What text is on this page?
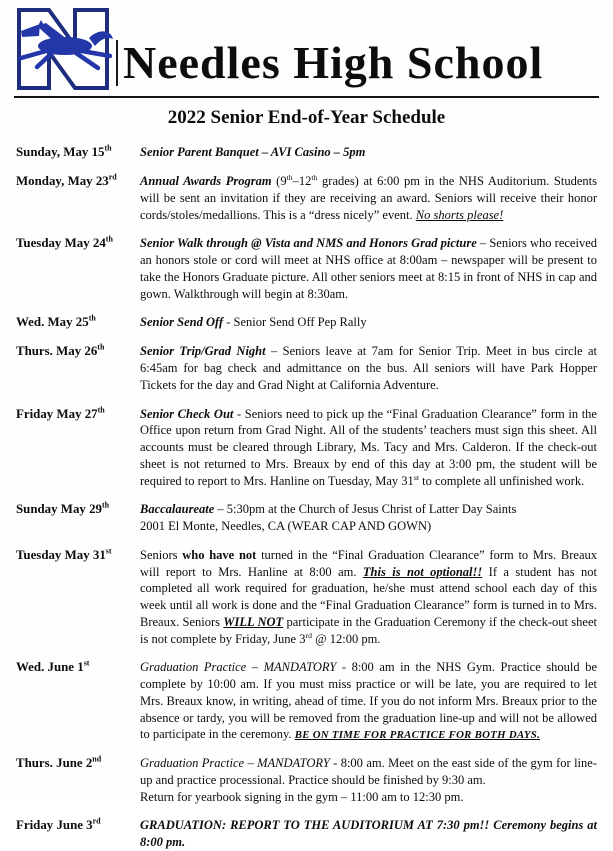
Needles High School
2022 Senior End-of-Year Schedule
Sunday, May 15th	Senior Parent Banquet – AVI Casino – 5pm
Monday, May 23rd	Annual Awards Program (9th–12th grades) at 6:00 pm in the NHS Auditorium. Students will be sent an invitation if they are receiving an award. Seniors will receive their honor cords/stoles/medallions. This is a “dress nicely” event. No shorts please!
Tuesday May 24th	Senior Walk through @ Vista and NMS and Honors Grad picture – Seniors who received an honors stole or cord will meet at NHS office at 8:00am – newspaper will be present to take the Honors Graduate picture. All other seniors meet at 8:15 in front of NHS in cap and gown. Walkthrough will begin at 8:30am.
Wed. May 25th	Senior Send Off - Senior Send Off Pep Rally
Thurs. May 26th	Senior Trip/Grad Night – Seniors leave at 7am for Senior Trip. Meet in bus circle at 6:45am for bag check and admittance on the bus. All seniors will have Park Hopper Tickets for the day and Grad Night at California Adventure.
Friday May 27th	Senior Check Out - Seniors need to pick up the “Final Graduation Clearance” form in the Office upon return from Grad Night. All of the students’ teachers must sign this sheet. All accounts must be cleared through Library, Ms. Tacy and Mrs. Calderon. If the check-out sheet is not returned to Mrs. Breaux by end of this day at 3:00 pm, the student will be required to report to Mrs. Hanline on Tuesday, May 31st to complete all unfinished work.
Sunday May 29th	Baccalaureate – 5:30pm at the Church of Jesus Christ of Latter Day Saints
2001 El Monte, Needles, CA (WEAR CAP AND GOWN)
Tuesday May 31st	Seniors who have not turned in the “Final Graduation Clearance” form to Mrs. Breaux will report to Mrs. Hanline at 8:00 am. This is not optional!! If a student has not completed all work required for graduation, he/she must attend school each day of this week until all work is done and the “Final Graduation Clearance” form is turned in to Mrs. Breaux. Seniors WILL NOT participate in the Graduation Ceremony if the check-out sheet is not complete by Friday, June 3rd @ 12:00 pm.
Wed. June 1st	Graduation Practice – MANDATORY - 8:00 am in the NHS Gym. Practice should be complete by 10:00 am. If you must miss practice or will be late, you are required to let Mrs. Breaux know, in writing, ahead of time. If you do not inform Mrs. Breaux prior to the absence or tardy, you will be removed from the graduation line-up and will not be allowed to participate in the ceremony. BE ON TIME FOR PRACTICE FOR BOTH DAYS.
Thurs. June 2nd	Graduation Practice – MANDATORY - 8:00 am. Meet on the east side of the gym for line-up and practice processional. Practice should be finished by 9:30 am.
Return for yearbook signing in the gym – 11:00 am to 12:30 pm.
Friday June 3rd	GRADUATION: REPORT TO THE AUDITORIUM AT 7:30 pm!! Ceremony begins at 8:00 pm.
